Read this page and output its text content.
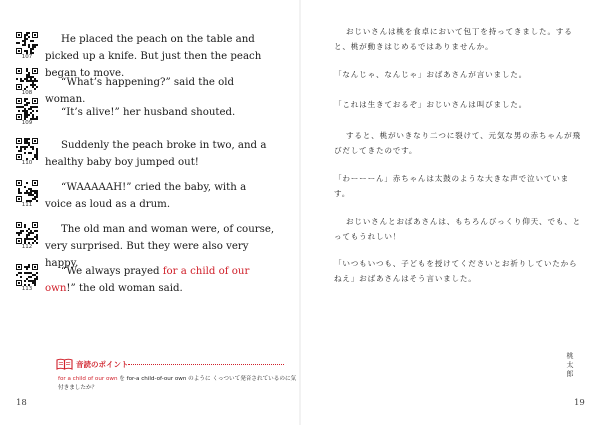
107
He placed the peach on the table and picked up a knife. But just then the peach began to move.
108
“What’s happening?” said the old woman.
109
“It’s alive!” her husband shouted.
110
Suddenly the peach broke in two, and a healthy baby boy jumped out!
111
“WAAAAAH!” cried the baby, with a voice as loud as a drum.
112
The old man and woman were, of course, very surprised. But they were also very happy.
113
“We always prayed for a child of our own!” the old woman said.
音読のポイント
for a child of our own を for-a child-of-our own のように くっついて発音されているのに気付きましたか？
18
おじいさんは桃を食卓において包丁を持ってきました。すると、桃が動きはじめるではありませんか。
「なんじゃ、なんじゃ」おばあさんが言いました。
「これは生きておるぞ」おじいさんは叫びました。
すると、桃がいきなり二つに裂けて、元気な男の赤ちゃんが飛びだしてきたのです。
「わーーーん」赤ちゃんは太鼓のような大きな声で泣いています。
おじいさんとおばあさんは、もちろんびっくり仰天、でも、とってもうれしい！
「いつもいつも、子どもを授けてくださいとお祈りしていたからねえ」おばあさんはそう言いました。
桃
太
郎
19
